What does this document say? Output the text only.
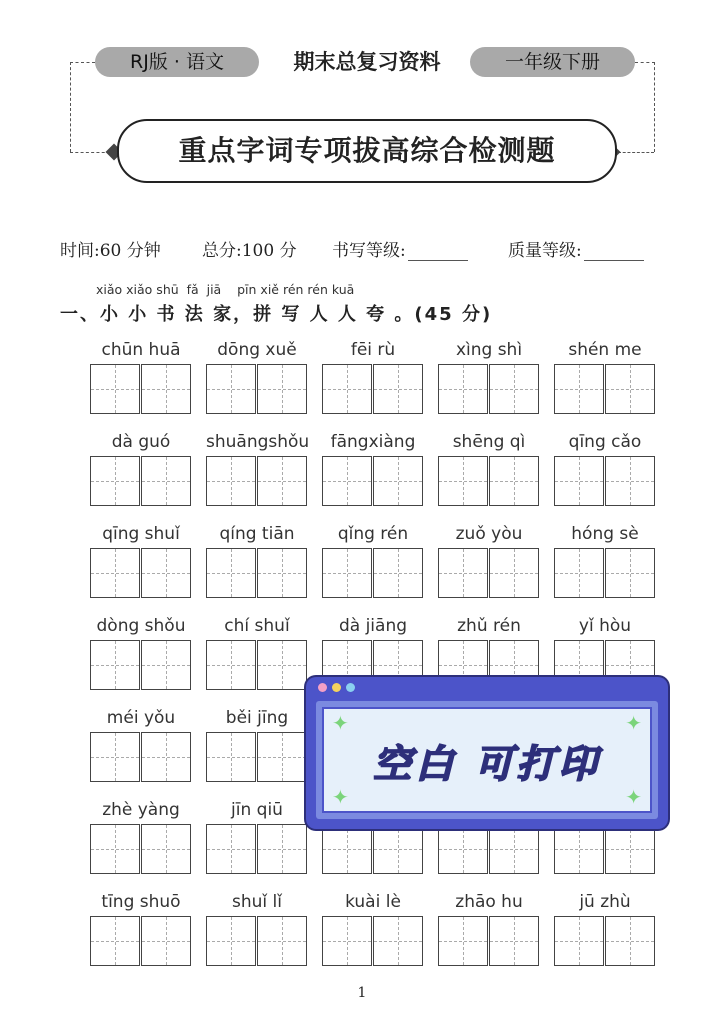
RJ版 · 语文	期末总复习资料	一年级下册
重点字词专项拔高综合检测题
时间:60 分钟 总分:100 分 书写等级:	质量等级:
xiǎo xiǎo shū  fǎ  jiā    pīn xiě rén rén kuā
一、小 小 书 法 家，拼 写 人 人 夸 。(45 分)
chūn huā	dōng xuě	fēi rù	xìng shì	shén me
dà guó	shuāngshǒu	fāngxiàng	shēng qì	qīng cǎo
qīng shuǐ	qíng tiān	qǐng rén	zuǒ yòu	hóng sè
dòng shǒu	chí shuǐ	dà jiāng	zhǔ rén	yǐ hòu
méi yǒu	běi jīng
zhè yàng	jīn qiū
tīng shuō	shuǐ lǐ	kuài lè	zhāo hu	jū zhù
✦	✦
✦	✦
空白 可打印
1
